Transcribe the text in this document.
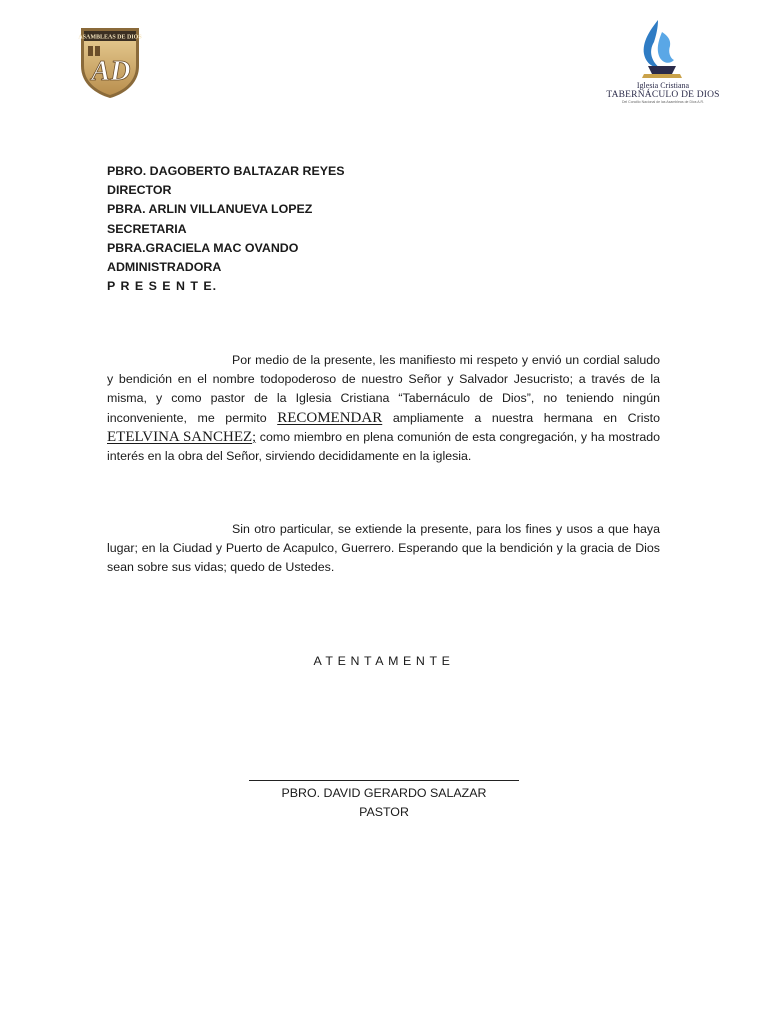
ASAMBLEAS DE DIOS
AD	Iglesia Cristiana
TABERNÁCULO DE DIOS
Del Concilio Nacional de las Asambleas de Dios A.R.
PBRO. DAGOBERTO BALTAZAR REYES
DIRECTOR
PBRA. ARLIN VILLANUEVA LOPEZ
SECRETARIA
PBRA.GRACIELA MAC OVANDO
ADMINISTRADORA
P R E S E N T E.
Por medio de la presente, les manifiesto mi respeto y envió un cordial saludo y bendición en el nombre todopoderoso de nuestro Señor y Salvador Jesucristo; a través de la misma, y como pastor de la Iglesia Cristiana “Tabernáculo de Dios”, no teniendo ningún inconveniente, me permito RECOMENDAR ampliamente a nuestra hermana en Cristo ETELVINA SANCHEZ; como miembro en plena comunión de esta congregación, y ha mostrado interés en la obra del Señor, sirviendo decididamente en la iglesia.
Sin otro particular, se extiende la presente, para los fines y usos a que haya lugar; en la Ciudad y Puerto de Acapulco, Guerrero. Esperando que la bendición y la gracia de Dios sean sobre sus vidas; quedo de Ustedes.
ATENTAMENTE
PBRO. DAVID GERARDO SALAZAR
PASTOR
